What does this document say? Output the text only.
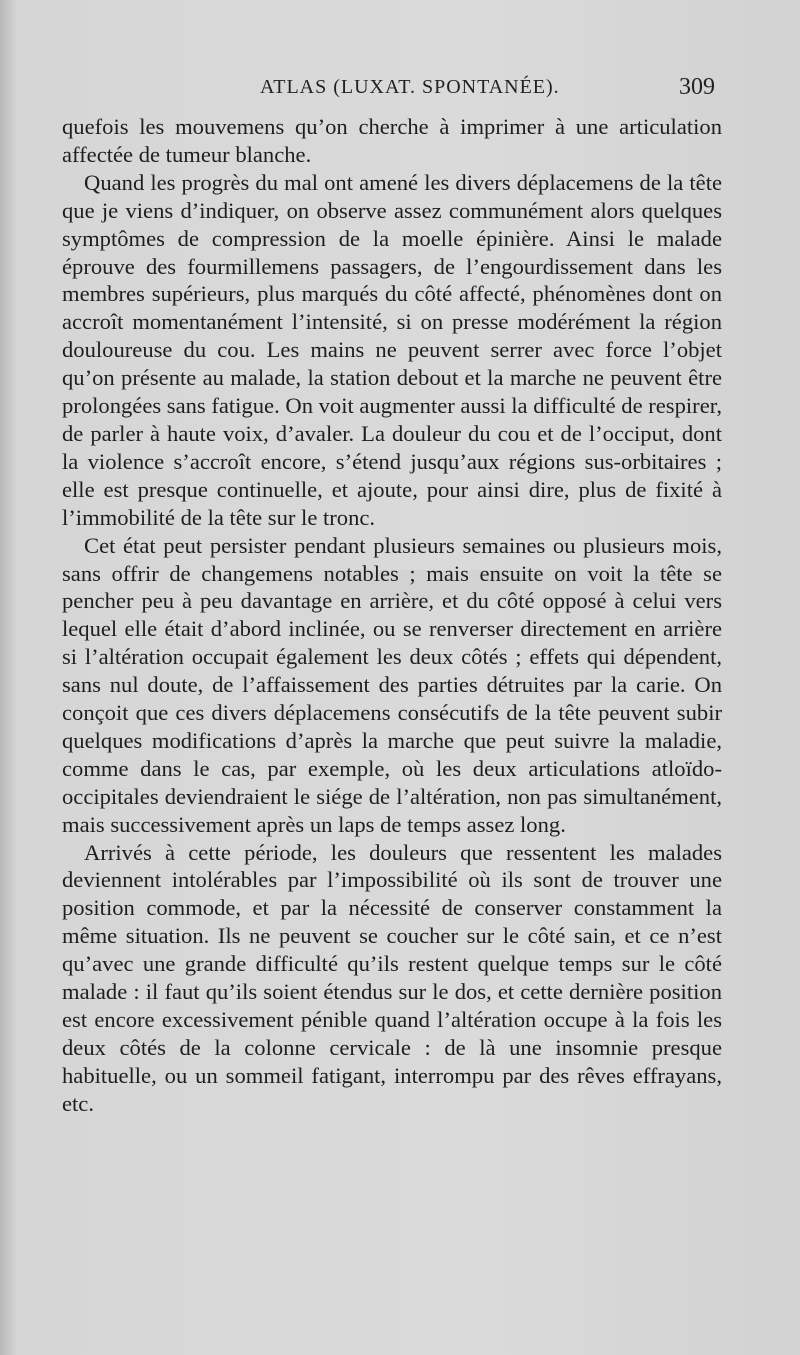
ATLAS (LUXAT. SPONTANÉE).	309

quefois les mouvemens qu’on cherche à imprimer à une articulation affectée de tumeur blanche.

Quand les progrès du mal ont amené les divers déplacemens de la tête que je viens d’indiquer, on observe assez communément alors quelques symptômes de compression de la moelle épinière. Ainsi le malade éprouve des fourmillemens passagers, de l’engourdissement dans les membres supérieurs, plus marqués du côté affecté, phénomènes dont on accroît momentanément l’intensité, si on presse modérément la région douloureuse du cou. Les mains ne peuvent serrer avec force l’objet qu’on présente au malade, la station debout et la marche ne peuvent être prolongées sans fatigue. On voit augmenter aussi la difficulté de respirer, de parler à haute voix, d’avaler. La douleur du cou et de l’occiput, dont la violence s’accroît encore, s’étend jusqu’aux régions sus-orbitaires ; elle est presque continuelle, et ajoute, pour ainsi dire, plus de fixité à l’immobilité de la tête sur le tronc.

Cet état peut persister pendant plusieurs semaines ou plusieurs mois, sans offrir de changemens notables ; mais ensuite on voit la tête se pencher peu à peu davantage en arrière, et du côté opposé à celui vers lequel elle était d’abord inclinée, ou se renverser directement en arrière si l’altération occupait également les deux côtés ; effets qui dépendent, sans nul doute, de l’affaissement des parties détruites par la carie. On conçoit que ces divers déplacemens consécutifs de la tête peuvent subir quelques modifications d’après la marche que peut suivre la maladie, comme dans le cas, par exemple, où les deux articulations atloïdo-occipitales deviendraient le siége de l’altération, non pas simultanément, mais successivement après un laps de temps assez long.

Arrivés à cette période, les douleurs que ressentent les malades deviennent intolérables par l’impossibilité où ils sont de trouver une position commode, et par la nécessité de conserver constamment la même situation. Ils ne peuvent se coucher sur le côté sain, et ce n’est qu’avec une grande difficulté qu’ils restent quelque temps sur le côté malade : il faut qu’ils soient étendus sur le dos, et cette dernière position est encore excessivement pénible quand l’altération occupe à la fois les deux côtés de la colonne cervicale : de là une insomnie presque habituelle, ou un sommeil fatigant, interrompu par des rêves effrayans, etc.
